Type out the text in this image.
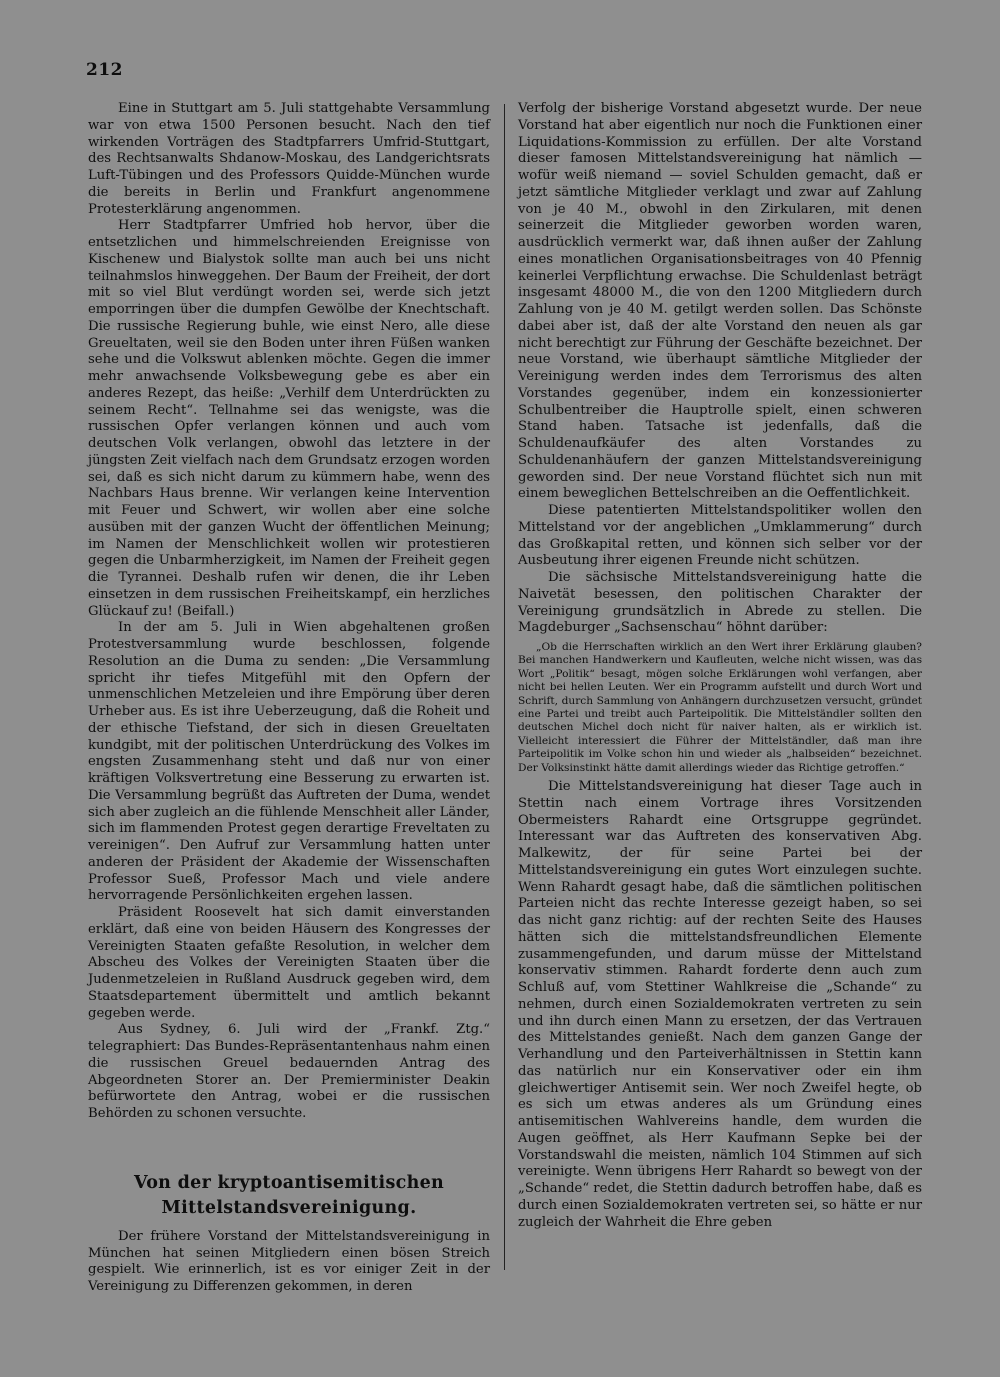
212

Eine in Stuttgart am 5. Juli stattgehabte Versammlung war von etwa 1500 Personen besucht. Nach den tief wirkenden Vorträgen des Stadtpfarrers Umfrid-Stuttgart, des Rechtsanwalts Shdanow-Moskau, des Landgerichtsrats Luft-Tübingen und des Professors Quidde-München wurde die bereits in Berlin und Frankfurt angenommene Protesterklärung angenommen.

Herr Stadtpfarrer Umfried hob hervor, über die entsetzlichen und himmelschreienden Ereignisse von Kischenew und Bialystok sollte man auch bei uns nicht teilnahmslos hinweggehen. Der Baum der Freiheit, der dort mit so viel Blut verdüngt worden sei, werde sich jetzt emporringen über die dumpfen Gewölbe der Knechtschaft. Die russische Regierung buhle, wie einst Nero, alle diese Greueltaten, weil sie den Boden unter ihren Füßen wanken sehe und die Volkswut ablenken möchte. Gegen die immer mehr anwachsende Volksbewegung gebe es aber ein anderes Rezept, das heiße: „Verhilf dem Unterdrückten zu seinem Recht“. Tellnahme sei das wenigste, was die russischen Opfer verlangen können und auch vom deutschen Volk verlangen, obwohl das letztere in der jüngsten Zeit vielfach nach dem Grundsatz erzogen worden sei, daß es sich nicht darum zu kümmern habe, wenn des Nachbars Haus brenne. Wir verlangen keine Intervention mit Feuer und Schwert, wir wollen aber eine solche ausüben mit der ganzen Wucht der öffentlichen Meinung; im Namen der Menschlichkeit wollen wir protestieren gegen die Unbarmherzigkeit, im Namen der Freiheit gegen die Tyrannei. Deshalb rufen wir denen, die ihr Leben einsetzen in dem russischen Freiheitskampf, ein herzliches Glückauf zu! (Beifall.)

In der am 5. Juli in Wien abgehaltenen großen Protestversammlung wurde beschlossen, folgende Resolution an die Duma zu senden: „Die Versammlung spricht ihr tiefes Mitgefühl mit den Opfern der unmenschlichen Metzeleien und ihre Empörung über deren Urheber aus. Es ist ihre Ueberzeugung, daß die Roheit und der ethische Tiefstand, der sich in diesen Greueltaten kundgibt, mit der politischen Unterdrückung des Volkes im engsten Zusammenhang steht und daß nur von einer kräftigen Volksvertretung eine Besserung zu erwarten ist. Die Versammlung begrüßt das Auftreten der Duma, wendet sich aber zugleich an die fühlende Menschheit aller Länder, sich im flammenden Protest gegen derartige Freveltaten zu vereinigen“. Den Aufruf zur Versammlung hatten unter anderen der Präsident der Akademie der Wissenschaften Professor Sueß, Professor Mach und viele andere hervorragende Persönlichkeiten ergehen lassen.

Präsident Roosevelt hat sich damit einverstanden erklärt, daß eine von beiden Häusern des Kongresses der Vereinigten Staaten gefaßte Resolution, in welcher dem Abscheu des Volkes der Vereinigten Staaten über die Judenmetzeleien in Rußland Ausdruck gegeben wird, dem Staatsdepartement übermittelt und amtlich bekannt gegeben werde.

Aus Sydney, 6. Juli wird der „Frankf. Ztg.“ telegraphiert: Das Bundes-Repräsentantenhaus nahm einen die russischen Greuel bedauernden Antrag des Abgeordneten Storer an. Der Premierminister Deakin befürwortete den Antrag, wobei er die russischen Behörden zu schonen versuchte.

Von der kryptoantisemitischen Mittelstandsvereinigung.

Der frühere Vorstand der Mittelstandsvereinigung in München hat seinen Mitgliedern einen bösen Streich gespielt. Wie erinnerlich, ist es vor einiger Zeit in der Vereinigung zu Differenzen gekommen, in deren

Verfolg der bisherige Vorstand abgesetzt wurde. Der neue Vorstand hat aber eigentlich nur noch die Funktionen einer Liquidations-Kommission zu erfüllen. Der alte Vorstand dieser famosen Mittelstandsvereinigung hat nämlich — wofür weiß niemand — soviel Schulden gemacht, daß er jetzt sämtliche Mitglieder verklagt und zwar auf Zahlung von je 40 M., obwohl in den Zirkularen, mit denen seinerzeit die Mitglieder geworben worden waren, ausdrücklich vermerkt war, daß ihnen außer der Zahlung eines monatlichen Organisationsbeitrages von 40 Pfennig keinerlei Verpflichtung erwachse. Die Schuldenlast beträgt insgesamt 48000 M., die von den 1200 Mitgliedern durch Zahlung von je 40 M. getilgt werden sollen. Das Schönste dabei aber ist, daß der alte Vorstand den neuen als gar nicht berechtigt zur Führung der Geschäfte bezeichnet. Der neue Vorstand, wie überhaupt sämtliche Mitglieder der Vereinigung werden indes dem Terrorismus des alten Vorstandes gegenüber, indem ein konzessionierter Schulbentreiber die Hauptrolle spielt, einen schweren Stand haben. Tatsache ist jedenfalls, daß die Schuldenaufkäufer des alten Vorstandes zu Schuldenanhäufern der ganzen Mittelstandsvereinigung geworden sind. Der neue Vorstand flüchtet sich nun mit einem beweglichen Bettelschreiben an die Oeffentlichkeit.

Diese patentierten Mittelstandspolitiker wollen den Mittelstand vor der angeblichen „Umklammerung“ durch das Großkapital retten, und können sich selber vor der Ausbeutung ihrer eigenen Freunde nicht schützen.

Die sächsische Mittelstandsvereinigung hatte die Naivetät besessen, den politischen Charakter der Vereinigung grundsätzlich in Abrede zu stellen. Die Magdeburger „Sachsenschau“ höhnt darüber:

„Ob die Herrschaften wirklich an den Wert ihrer Erklärung glauben? Bei manchen Handwerkern und Kaufleuten, welche nicht wissen, was das Wort „Politik“ besagt, mögen solche Erklärungen wohl verfangen, aber nicht bei hellen Leuten. Wer ein Programm aufstellt und durch Wort und Schrift, durch Sammlung von Anhängern durchzusetzen versucht, gründet eine Partei und treibt auch Parteipolitik. Die Mittelständler sollten den deutschen Michel doch nicht für naiver halten, als er wirklich ist. Vielleicht interessiert die Führer der Mittelständler, daß man ihre Parteipolitik im Volke schon hin und wieder als „halbseiden“ bezeichnet. Der Volksinstinkt hätte damit allerdings wieder das Richtige getroffen.“

Die Mittelstandsvereinigung hat dieser Tage auch in Stettin nach einem Vortrage ihres Vorsitzenden Obermeisters Rahardt eine Ortsgruppe gegründet. Interessant war das Auftreten des konservativen Abg. Malkewitz, der für seine Partei bei der Mittelstandsvereinigung ein gutes Wort einzulegen suchte. Wenn Rahardt gesagt habe, daß die sämtlichen politischen Parteien nicht das rechte Interesse gezeigt haben, so sei das nicht ganz richtig: auf der rechten Seite des Hauses hätten sich die mittelstandsfreundlichen Elemente zusammengefunden, und darum müsse der Mittelstand konservativ stimmen. Rahardt forderte denn auch zum Schluß auf, vom Stettiner Wahlkreise die „Schande“ zu nehmen, durch einen Sozialdemokraten vertreten zu sein und ihn durch einen Mann zu ersetzen, der das Vertrauen des Mittelstandes genießt. Nach dem ganzen Gange der Verhandlung und den Parteiverhältnissen in Stettin kann das natürlich nur ein Konservativer oder ein ihm gleichwertiger Antisemit sein. Wer noch Zweifel hegte, ob es sich um etwas anderes als um Gründung eines antisemitischen Wahlvereins handle, dem wurden die Augen geöffnet, als Herr Kaufmann Sepke bei der Vorstandswahl die meisten, nämlich 104 Stimmen auf sich vereinigte. Wenn übrigens Herr Rahardt so bewegt von der „Schande“ redet, die Stettin dadurch betroffen habe, daß es durch einen Sozialdemokraten vertreten sei, so hätte er nur zugleich der Wahrheit die Ehre geben
